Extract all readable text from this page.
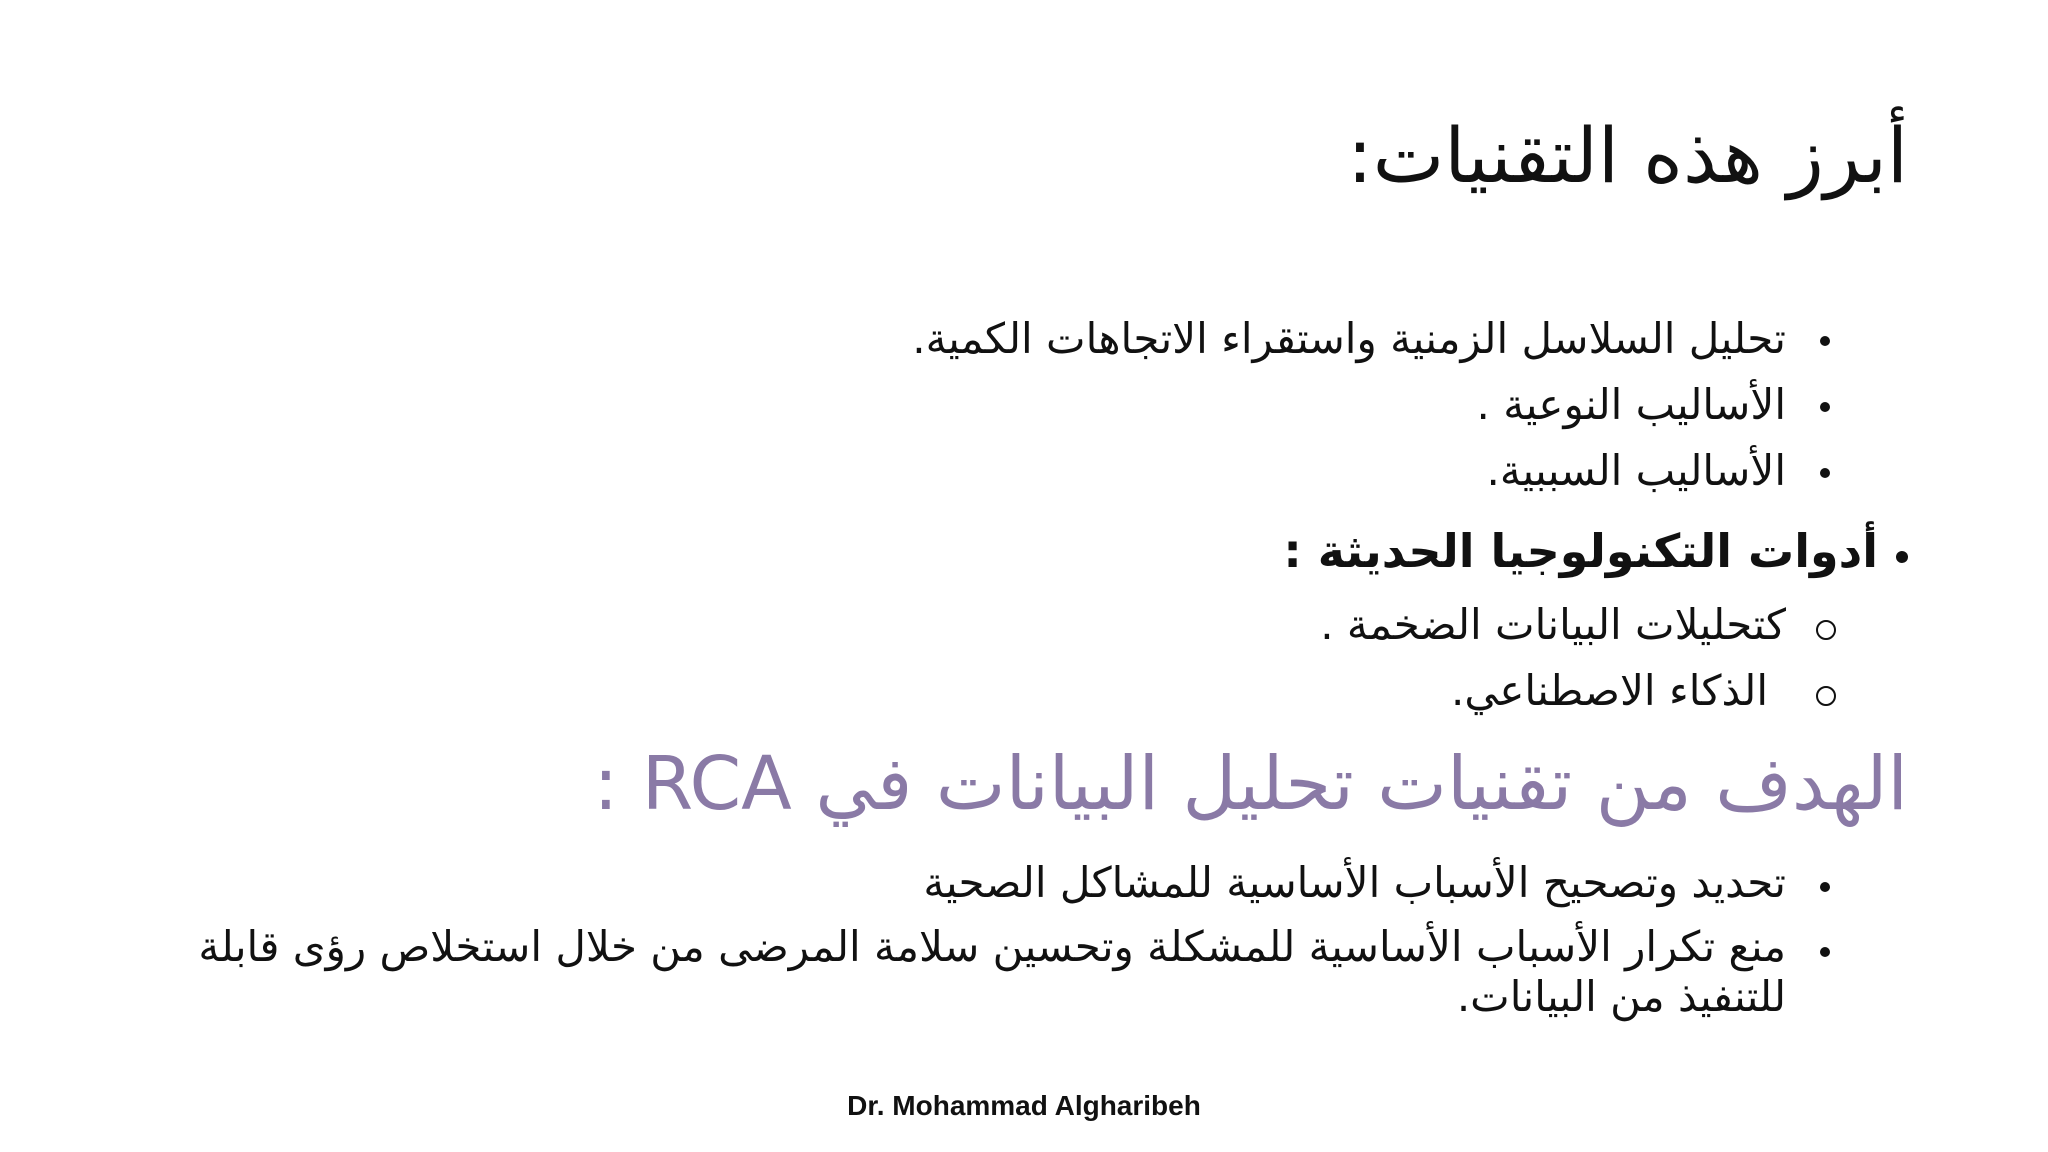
أبرز هذه التقنيات:
تحليل السلاسل الزمنية واستقراء الاتجاهات الكمية.
الأساليب النوعية .
الأساليب السببية.
أدوات التكنولوجيا الحديثة :
كتحليلات البيانات الضخمة .
الذكاء الاصطناعي.
الهدف من تقنيات تحليل البيانات في RCA :
تحديد وتصحيح الأسباب الأساسية للمشاكل الصحية
منع تكرار الأسباب الأساسية للمشكلة وتحسين سلامة المرضى من خلال استخلاص رؤى قابلة للتنفيذ من البيانات.
Dr. Mohammad Algharibeh
